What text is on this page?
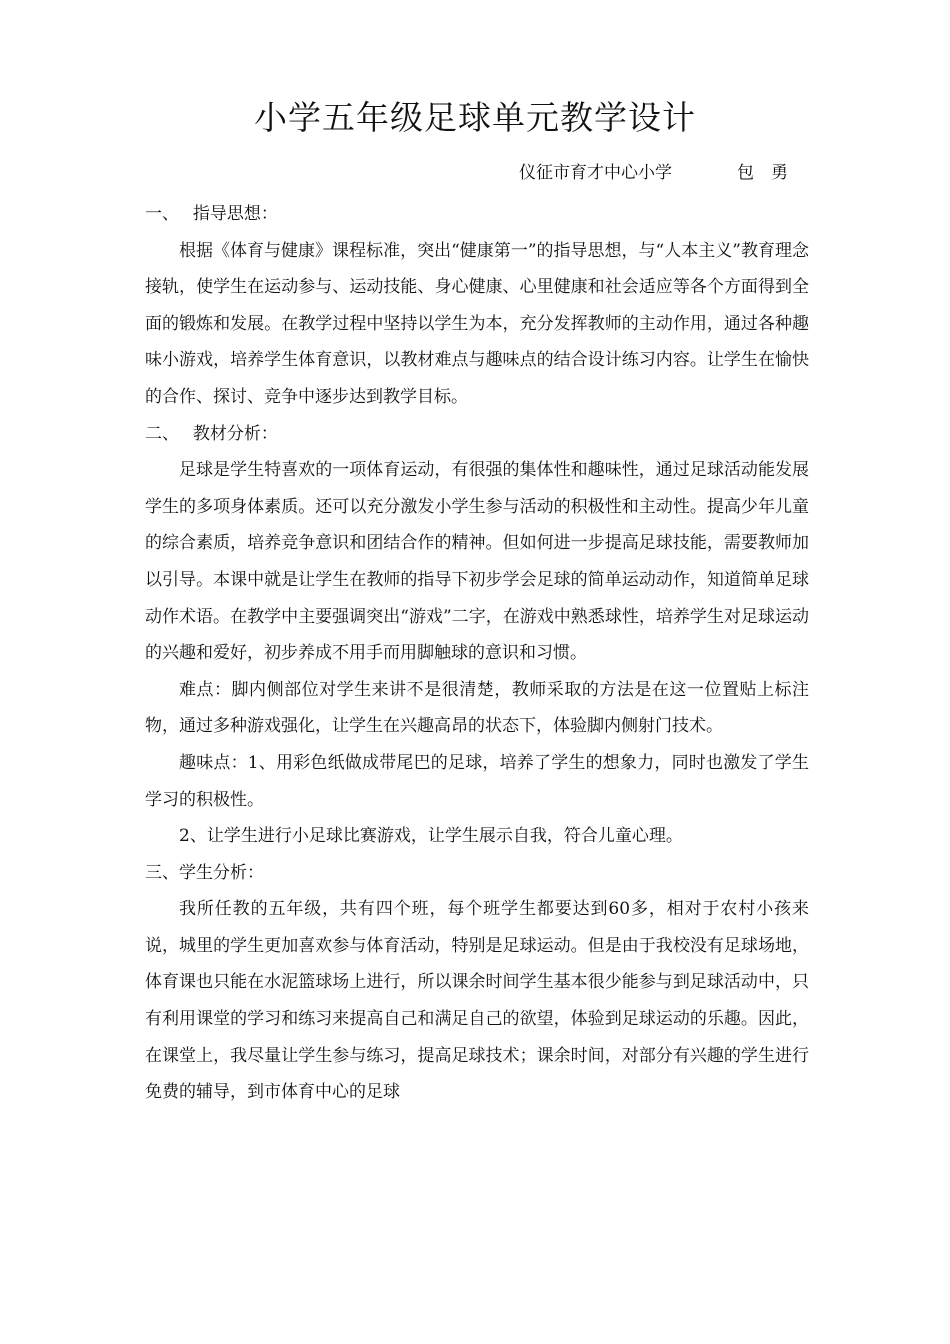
小学五年级足球单元教学设计
仪征市育才中心小学	包　勇

一、　 指导思想：

根据《体育与健康》课程标准，突出“健康第一”的指导思想，与“人本主义”教育理念接轨，使学生在运动参与、运动技能、身心健康、心里健康和社会适应等各个方面得到全面的锻炼和发展。在教学过程中坚持以学生为本，充分发挥教师的主动作用，通过各种趣味小游戏，培养学生体育意识，以教材难点与趣味点的结合设计练习内容。让学生在愉快的合作、探讨、竞争中逐步达到教学目标。

二、　 教材分析：

足球是学生特喜欢的一项体育运动，有很强的集体性和趣味性，通过足球活动能发展学生的多项身体素质。还可以充分激发小学生参与活动的积极性和主动性。提高少年儿童的综合素质，培养竞争意识和团结合作的精神。但如何进一步提高足球技能，需要教师加以引导。本课中就是让学生在教师的指导下初步学会足球的简单运动动作，知道简单足球动作术语。在教学中主要强调突出“游戏”二字，在游戏中熟悉球性，培养学生对足球运动的兴趣和爱好，初步养成不用手而用脚触球的意识和习惯。

难点：脚内侧部位对学生来讲不是很清楚，教师采取的方法是在这一位置贴上标注物，通过多种游戏强化，让学生在兴趣高昂的状态下，体验脚内侧射门技术。

趣味点：1、用彩色纸做成带尾巴的足球，培养了学生的想象力，同时也激发了学生学习的积极性。

2、让学生进行小足球比赛游戏，让学生展示自我，符合儿童心理。

三、学生分析：

我所任教的五年级，共有四个班，每个班学生都要达到60多，相对于农村小孩来说，城里的学生更加喜欢参与体育活动，特别是足球运动。但是由于我校没有足球场地，体育课也只能在水泥篮球场上进行，所以课余时间学生基本很少能参与到足球活动中，只有利用课堂的学习和练习来提高自己和满足自己的欲望，体验到足球运动的乐趣。因此，在课堂上，我尽量让学生参与练习，提高足球技术；课余时间，对部分有兴趣的学生进行免费的辅导，到市体育中心的足球
